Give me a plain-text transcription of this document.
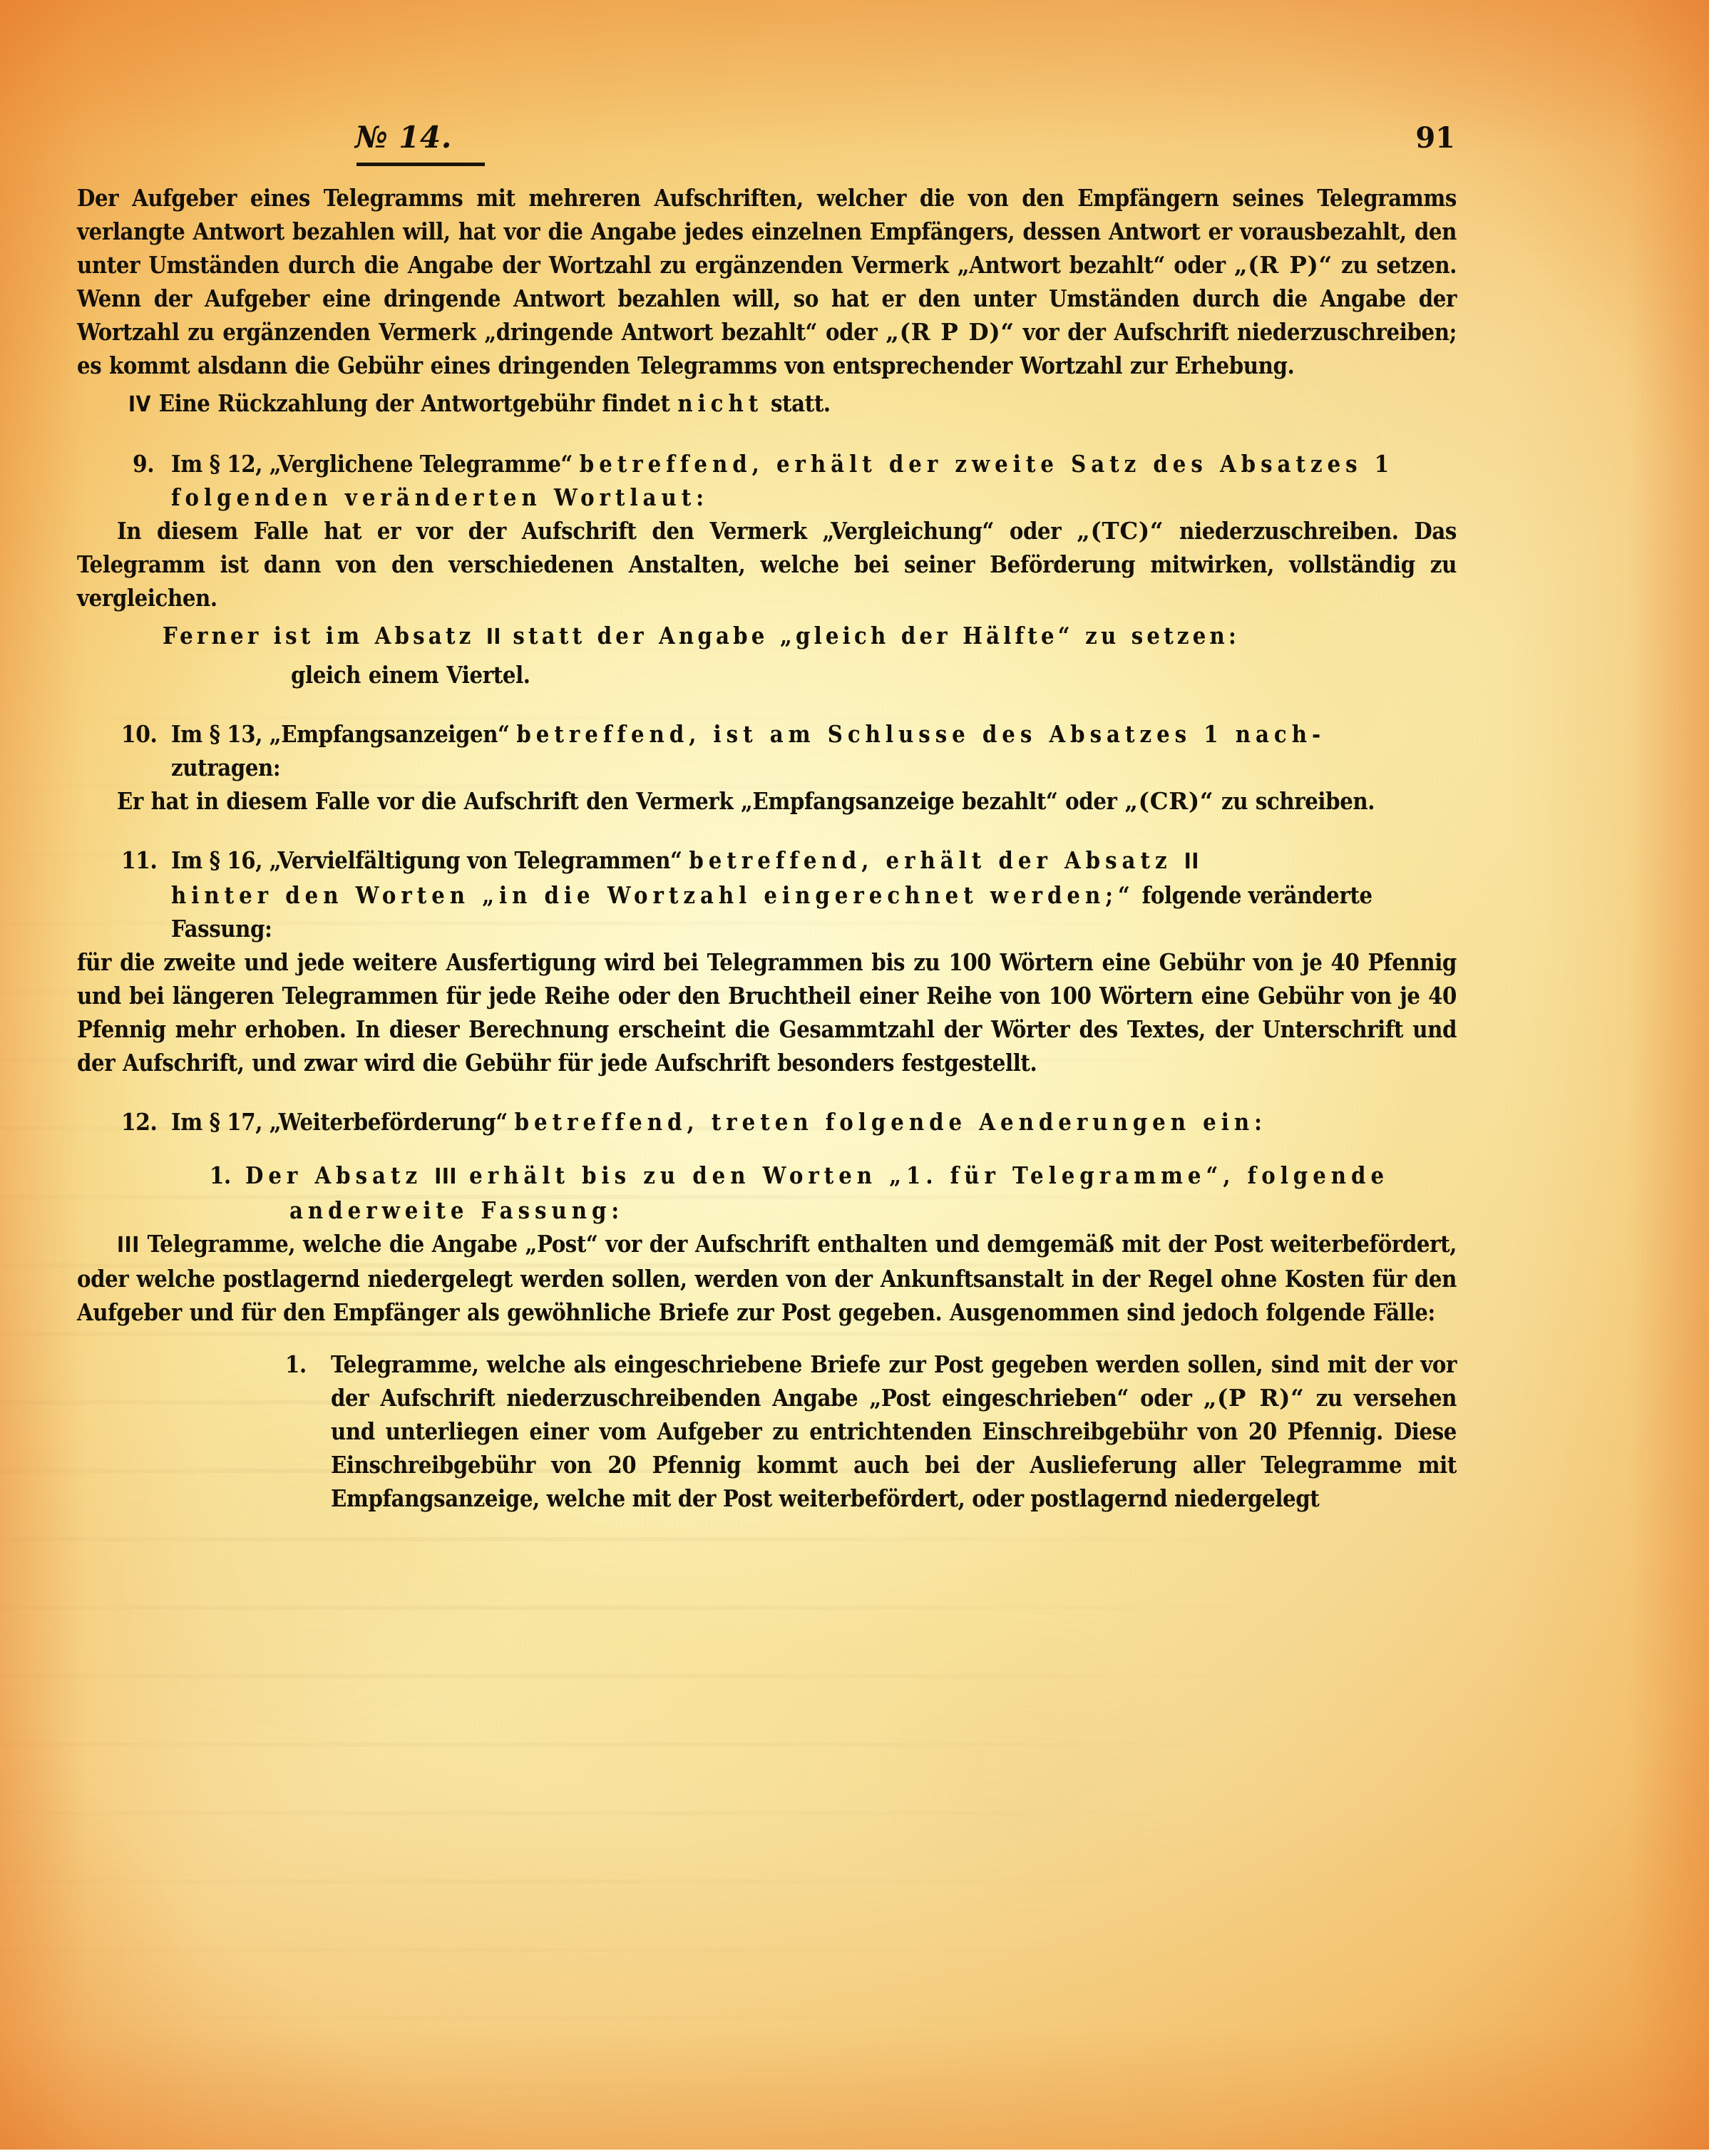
№ 14.	91

Der Aufgeber eines Telegramms mit mehreren Aufschriften, welcher die von den Empfängern seines Telegramms verlangte Antwort bezahlen will, hat vor die Angabe jedes einzelnen Empfängers, dessen Antwort er vorausbezahlt, den unter Umständen durch die Angabe der Wortzahl zu ergänzenden Vermerk „Antwort bezahlt“ oder „(R P)“ zu setzen. Wenn der Aufgeber eine dringende Antwort bezahlen will, so hat er den unter Umständen durch die Angabe der Wortzahl zu ergänzenden Vermerk „dringende Antwort bezahlt“ oder „(R P D)“ vor der Aufschrift niederzuschreiben; es kommt alsdann die Gebühr eines dringenden Telegramms von entsprechender Wortzahl zur Erhebung.

IV Eine Rückzahlung der Antwortgebühr findet nicht statt.

9. Im § 12, „Verglichene Telegramme“ betreffend, erhält der zweite Satz des Absatzes 1 folgenden veränderten Wortlaut:

In diesem Falle hat er vor der Aufschrift den Vermerk „Vergleichung“ oder „(TC)“ niederzuschreiben. Das Telegramm ist dann von den verschiedenen Anstalten, welche bei seiner Beförderung mitwirken, vollständig zu vergleichen.

Ferner ist im Absatz II statt der Angabe „gleich der Hälfte“ zu setzen:

gleich einem Viertel.

10. Im § 13, „Empfangsanzeigen“ betreffend, ist am Schlusse des Absatzes 1 nach-
zutragen:

Er hat in diesem Falle vor die Aufschrift den Vermerk „Empfangsanzeige bezahlt“ oder „(CR)“ zu schreiben.

11. Im § 16, „Vervielfältigung von Telegrammen“ betreffend, erhält der Absatz II
hinter den Worten „in die Wortzahl eingerechnet werden;“ folgende veränderte Fassung:

für die zweite und jede weitere Ausfertigung wird bei Telegrammen bis zu 100 Wörtern eine Gebühr von je 40 Pfennig und bei längeren Telegrammen für jede Reihe oder den Bruchtheil einer Reihe von 100 Wörtern eine Gebühr von je 40 Pfennig mehr erhoben. In dieser Berechnung erscheint die Gesammtzahl der Wörter des Textes, der Unterschrift und der Aufschrift, und zwar wird die Gebühr für jede Aufschrift besonders festgestellt.

12. Im § 17, „Weiterbeförderung“ betreffend, treten folgende Aenderungen ein:
1. Der Absatz III erhält bis zu den Worten „1. für Telegramme“, folgende
anderweite Fassung:

III Telegramme, welche die Angabe „Post“ vor der Aufschrift enthalten und demgemäß mit der Post weiterbefördert, oder welche postlagernd niedergelegt werden sollen, werden von der Ankunftsanstalt in der Regel ohne Kosten für den Aufgeber und für den Empfänger als gewöhnliche Briefe zur Post gegeben. Ausgenommen sind jedoch folgende Fälle:

1. Telegramme, welche als eingeschriebene Briefe zur Post gegeben werden sollen, sind mit der vor der Aufschrift niederzuschreibenden Angabe „Post eingeschrieben“ oder „(P R)“ zu versehen und unterliegen einer vom Aufgeber zu entrichtenden Einschreibgebühr von 20 Pfennig. Diese Einschreibgebühr von 20 Pfennig kommt auch bei der Auslieferung aller Telegramme mit Empfangsanzeige, welche mit der Post weiterbefördert, oder postlagernd niedergelegt
